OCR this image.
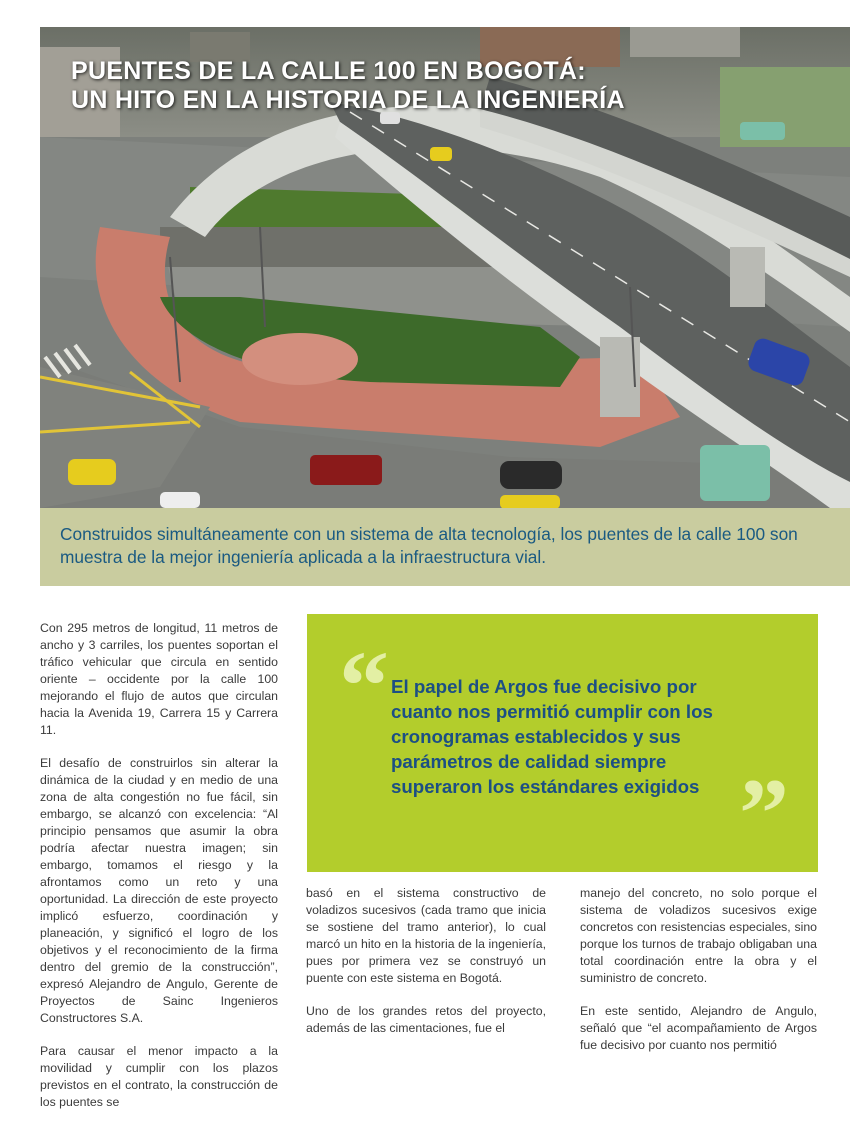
PUENTES DE LA CALLE 100 EN BOGOTÁ:
UN HITO EN LA HISTORIA DE LA INGENIERÍA

Construidos simultáneamente con un sistema de alta tecnología, los puentes de la calle 100 son muestra de la mejor ingeniería aplicada a la infraestructura vial.

Con 295 metros de longitud, 11 metros de ancho y 3 carriles, los puentes soportan el tráfico vehicular que circula en sentido oriente – occidente por la calle 100 mejorando el flujo de autos que circulan hacia la Avenida 19, Carrera 15 y Carrera 11.

El desafío de construirlos sin alterar la dinámica de la ciudad y en medio de una zona de alta congestión no fue fácil, sin embargo, se alcanzó con excelencia: “Al principio pensamos que asumir la obra podría afectar nuestra imagen; sin embargo, tomamos el riesgo y la afrontamos como un reto y una oportunidad. La dirección de este proyecto implicó esfuerzo, coordinación y planeación, y significó el logro de los objetivos y el reconocimiento de la firma dentro del gremio de la construcción”, expresó Alejandro de Angulo, Gerente de Proyectos de Sainc Ingenieros Constructores S.A.

Para causar el menor impacto a la movilidad y cumplir con los plazos previstos en el contrato, la construcción de los puentes se

“ El papel de Argos fue decisivo por cuanto nos permitió cumplir con los cronogramas establecidos y sus parámetros de calidad siempre superaron los estándares exigidos ”

basó en el sistema constructivo de voladizos sucesivos (cada tramo que inicia se sostiene del tramo anterior), lo cual marcó un hito en la historia de la ingeniería, pues por primera vez se construyó un puente con este sistema en Bogotá.

Uno de los grandes retos del proyecto, además de las cimentaciones, fue el

manejo del concreto, no solo porque el sistema de voladizos sucesivos exige concretos con resistencias especiales, sino porque los turnos de trabajo obligaban una total coordinación entre la obra y el suministro de concreto.

En este sentido, Alejandro de Angulo, señaló que “el acompañamiento de Argos fue decisivo por cuanto nos permitió
